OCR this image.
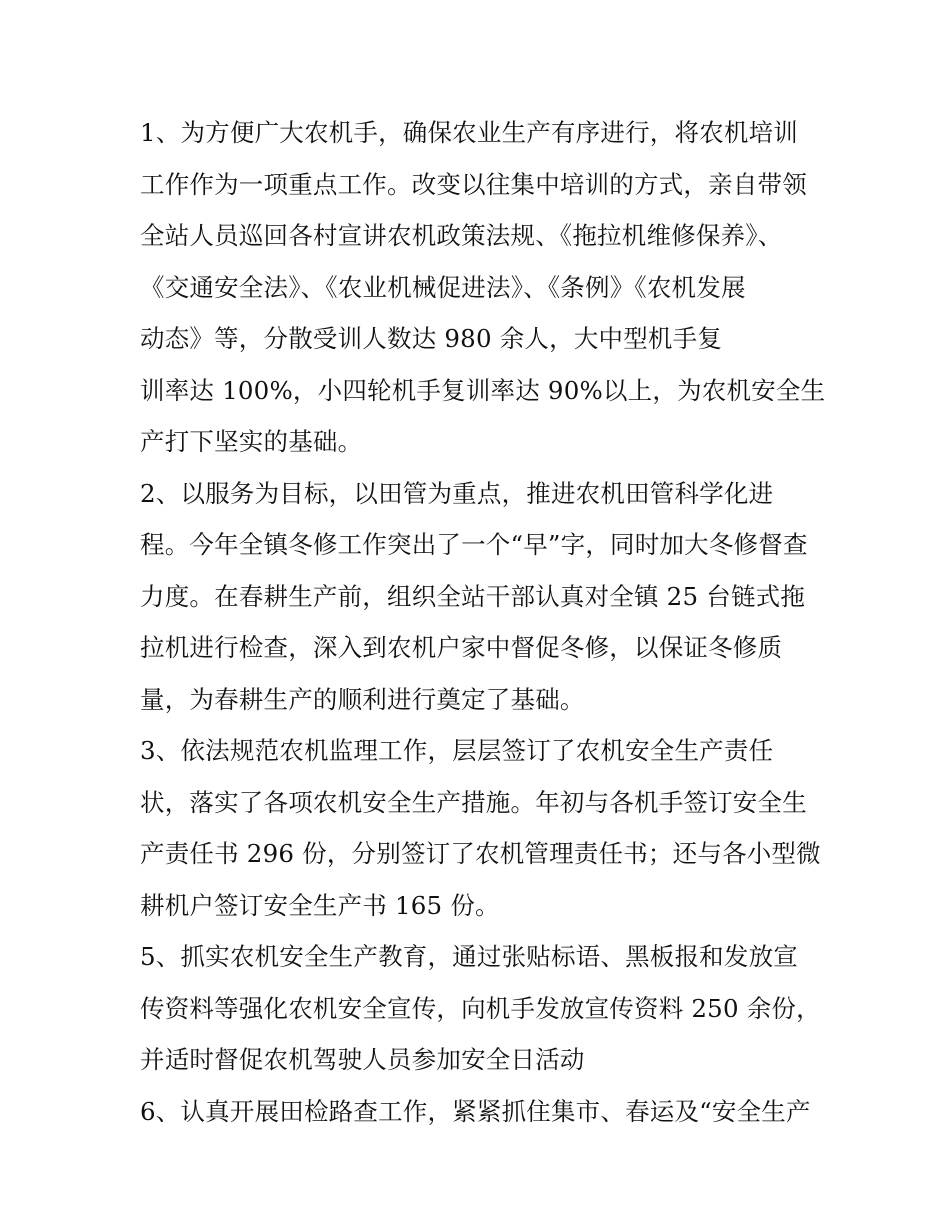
1、为方便广大农机手，确保农业生产有序进行，将农机培训
工作作为一项重点工作。改变以往集中培训的方式，亲自带领
全站人员巡回各村宣讲农机政策法规、《拖拉机维修保养》、
《交通安全法》、《农业机械促进法》、《条例》《农机发展
动态》等，分散受训人数达 980 余人，大中型机手复
训率达 100%，小四轮机手复训率达 90%以上，为农机安全生
产打下坚实的基础。
2、以服务为目标，以田管为重点，推进农机田管科学化进
程。今年全镇冬修工作突出了一个“早”字，同时加大冬修督查
力度。在春耕生产前，组织全站干部认真对全镇 25 台链式拖
拉机进行检查，深入到农机户家中督促冬修，以保证冬修质
量，为春耕生产的顺利进行奠定了基础。
3、依法规范农机监理工作，层层签订了农机安全生产责任
状，落实了各项农机安全生产措施。年初与各机手签订安全生
产责任书 296 份，分别签订了农机管理责任书；还与各小型微
耕机户签订安全生产书 165 份。
5、抓实农机安全生产教育，通过张贴标语、黑板报和发放宣
传资料等强化农机安全宣传，向机手发放宣传资料 250 余份，
并适时督促农机驾驶人员参加安全日活动
6、认真开展田检路查工作，紧紧抓住集市、春运及“安全生产
